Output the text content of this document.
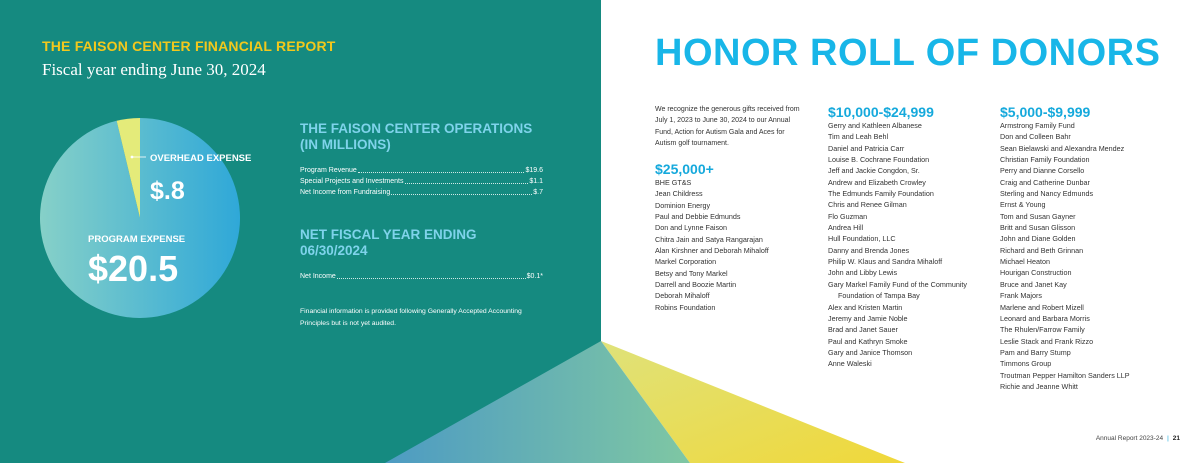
THE FAISON CENTER FINANCIAL REPORT
Fiscal year ending June 30, 2024
OVERHEAD EXPENSE
$.8
PROGRAM EXPENSE
$20.5
THE FAISON CENTER OPERATIONS (IN MILLIONS)
Program Revenue	$19.6
Special Projects and Investments	$1.1
Net Income from Fundraising	$.7
NET FISCAL YEAR ENDING 06/30/2024
Net Income	$0.1*
Financial information is provided following Generally Accepted Accounting Principles but is not yet audited.
HONOR ROLL OF DONORS
We recognize the generous gifts received from July 1, 2023 to June 30, 2024 to our Annual Fund, Action for Autism Gala and Aces for Autism golf tournament.
$25,000+
BHE GT&S
Jean Childress
Dominion Energy
Paul and Debbie Edmunds
Don and Lynne Faison
Chitra Jain and Satya Rangarajan
Alan Kirshner and Deborah Mihaloff
Markel Corporation
Betsy and Tony Markel
Darrell and Boozie Martin
Deborah Mihaloff
Robins Foundation
$10,000-$24,999
Gerry and Kathleen Albanese
Tim and Leah Behl
Daniel and Patricia Carr
Louise B. Cochrane Foundation
Jeff and Jackie Congdon, Sr.
Andrew and Elizabeth Crowley
The Edmunds Family Foundation
Chris and Renee Gilman
Flo Guzman
Andrea Hill
Hull Foundation, LLC
Danny and Brenda Jones
Philip W. Klaus and Sandra Mihaloff
John and Libby Lewis
Gary Markel Family Fund of the Community
Foundation of Tampa Bay
Alex and Kristen Martin
Jeremy and Jamie Noble
Brad and Janet Sauer
Paul and Kathryn Smoke
Gary and Janice Thomson
Anne Waleski
$5,000-$9,999
Armstrong Family Fund
Don and Colleen Bahr
Sean Bielawski and Alexandra Mendez
Christian Family Foundation
Perry and Dianne Corsello
Craig and Catherine Dunbar
Sterling and Nancy Edmunds
Ernst & Young
Tom and Susan Gayner
Britt and Susan Glisson
John and Diane Golden
Richard and Beth Grinnan
Michael Heaton
Hourigan Construction
Bruce and Janet Kay
Frank Majors
Marlene and Robert Mizell
Leonard and Barbara Morris
The Rhulen/Farrow Family
Leslie Stack and Frank Rizzo
Pam and Barry Stump
Timmons Group
Troutman Pepper Hamilton Sanders LLP
Richie and Jeanne Whitt
Annual Report 2023-24 | 21
